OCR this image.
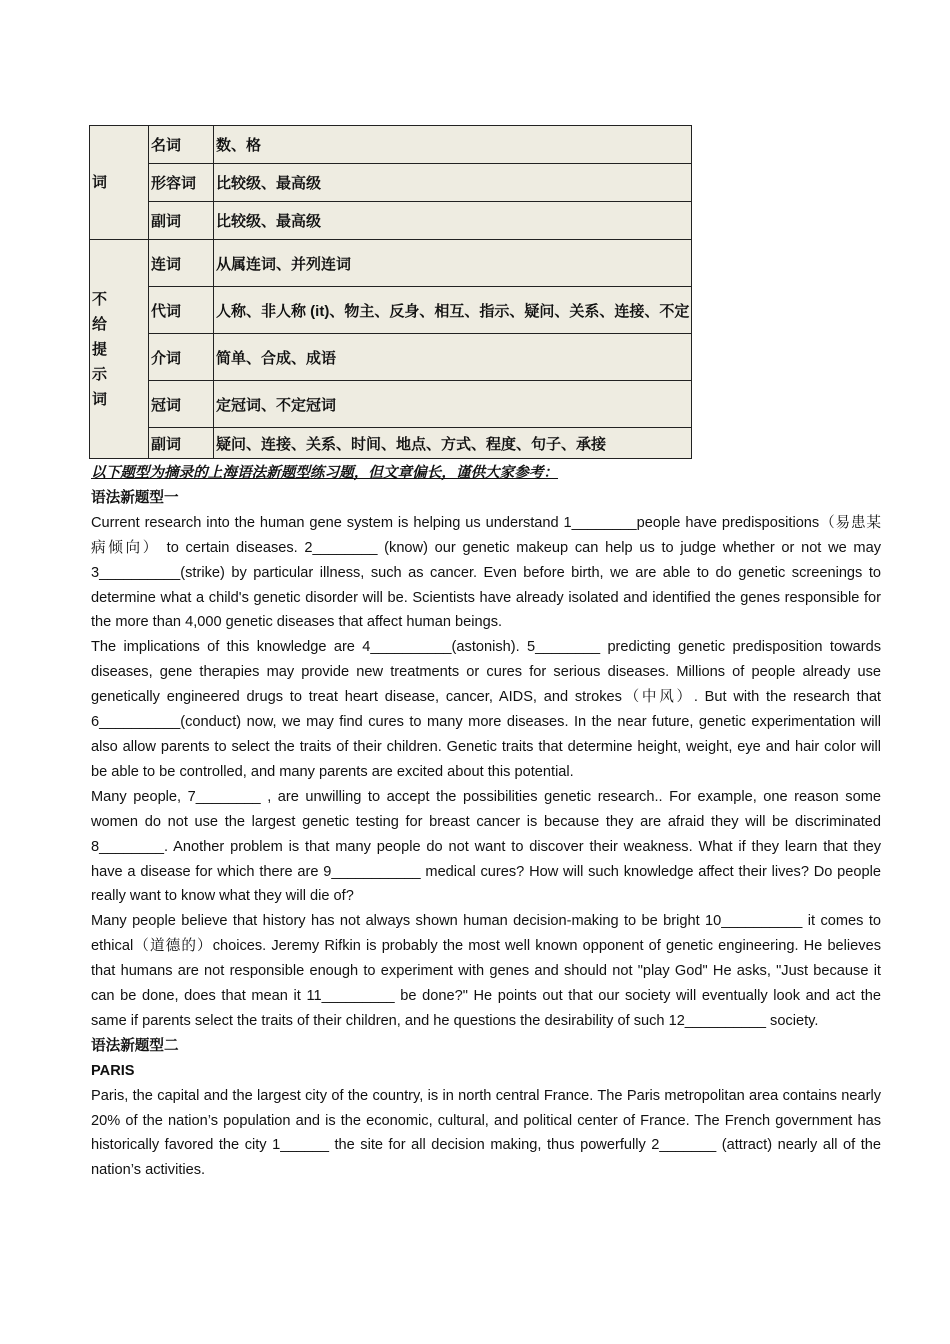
词	名词	数、格
	形容词	比较级、最高级
	副词	比较级、最高级

不给提示词	连词	从属连词、并列连词
	代词	人称、非人称 (it)、物主、反身、相互、指示、疑问、关系、连接、不定
	介词	简单、合成、成语
	冠词	定冠词、不定冠词
	副词	疑问、连接、关系、时间、地点、方式、程度、句子、承接

以下题型为摘录的上海语法新题型练习题，但文章偏长，谨供大家参考：

语法新题型一

Current research into the human gene system is helping us understand 1________people have predispositions（易患某病倾向） to certain diseases. 2________ (know) our genetic makeup can help us to judge whether or not we may 3__________(strike) by particular illness, such as cancer. Even before birth, we are able to do genetic screenings to determine what a child's genetic disorder will be. Scientists have already isolated and identified the genes responsible for the more than 4,000 genetic diseases that affect human beings.

The implications of this knowledge are 4__________(astonish). 5________ predicting genetic predisposition towards diseases, gene therapies may provide new treatments or cures for serious diseases. Millions of people already use genetically engineered drugs to treat heart disease, cancer, AIDS, and strokes（中风）. But with the research that 6__________(conduct) now, we may find cures to many more diseases. In the near future, genetic experimentation will also allow parents to select the traits of their children. Genetic traits that determine height, weight, eye and hair color will be able to be controlled, and many parents are excited about this potential.

Many people, 7________ , are unwilling to accept the possibilities genetic research.. For example, one reason some women do not use the largest genetic testing for breast cancer is because they are afraid they will be discriminated 8________. Another problem is that many people do not want to discover their weakness. What if they learn that they have a disease for which there are 9___________ medical cures? How will such knowledge affect their lives? Do people really want to know what they will die of?

Many people believe that history has not always shown human decision-making to be bright 10__________ it comes to ethical（道德的）choices. Jeremy Rifkin is probably the most well known opponent of genetic engineering. He believes that humans are not responsible enough to experiment with genes and should not "play God" He asks, "Just because it can be done, does that mean it 11_________ be done?" He points out that our society will eventually look and act the same if parents select the traits of their children, and he questions the desirability of such 12__________ society.

语法新题型二

PARIS

Paris, the capital and the largest city of the country, is in north central France. The Paris metropolitan area contains nearly 20% of the nation’s population and is the economic, cultural, and political center of France. The French government has historically favored the city 1______ the site for all decision making, thus powerfully 2_______ (attract) nearly all of the nation’s activities.
